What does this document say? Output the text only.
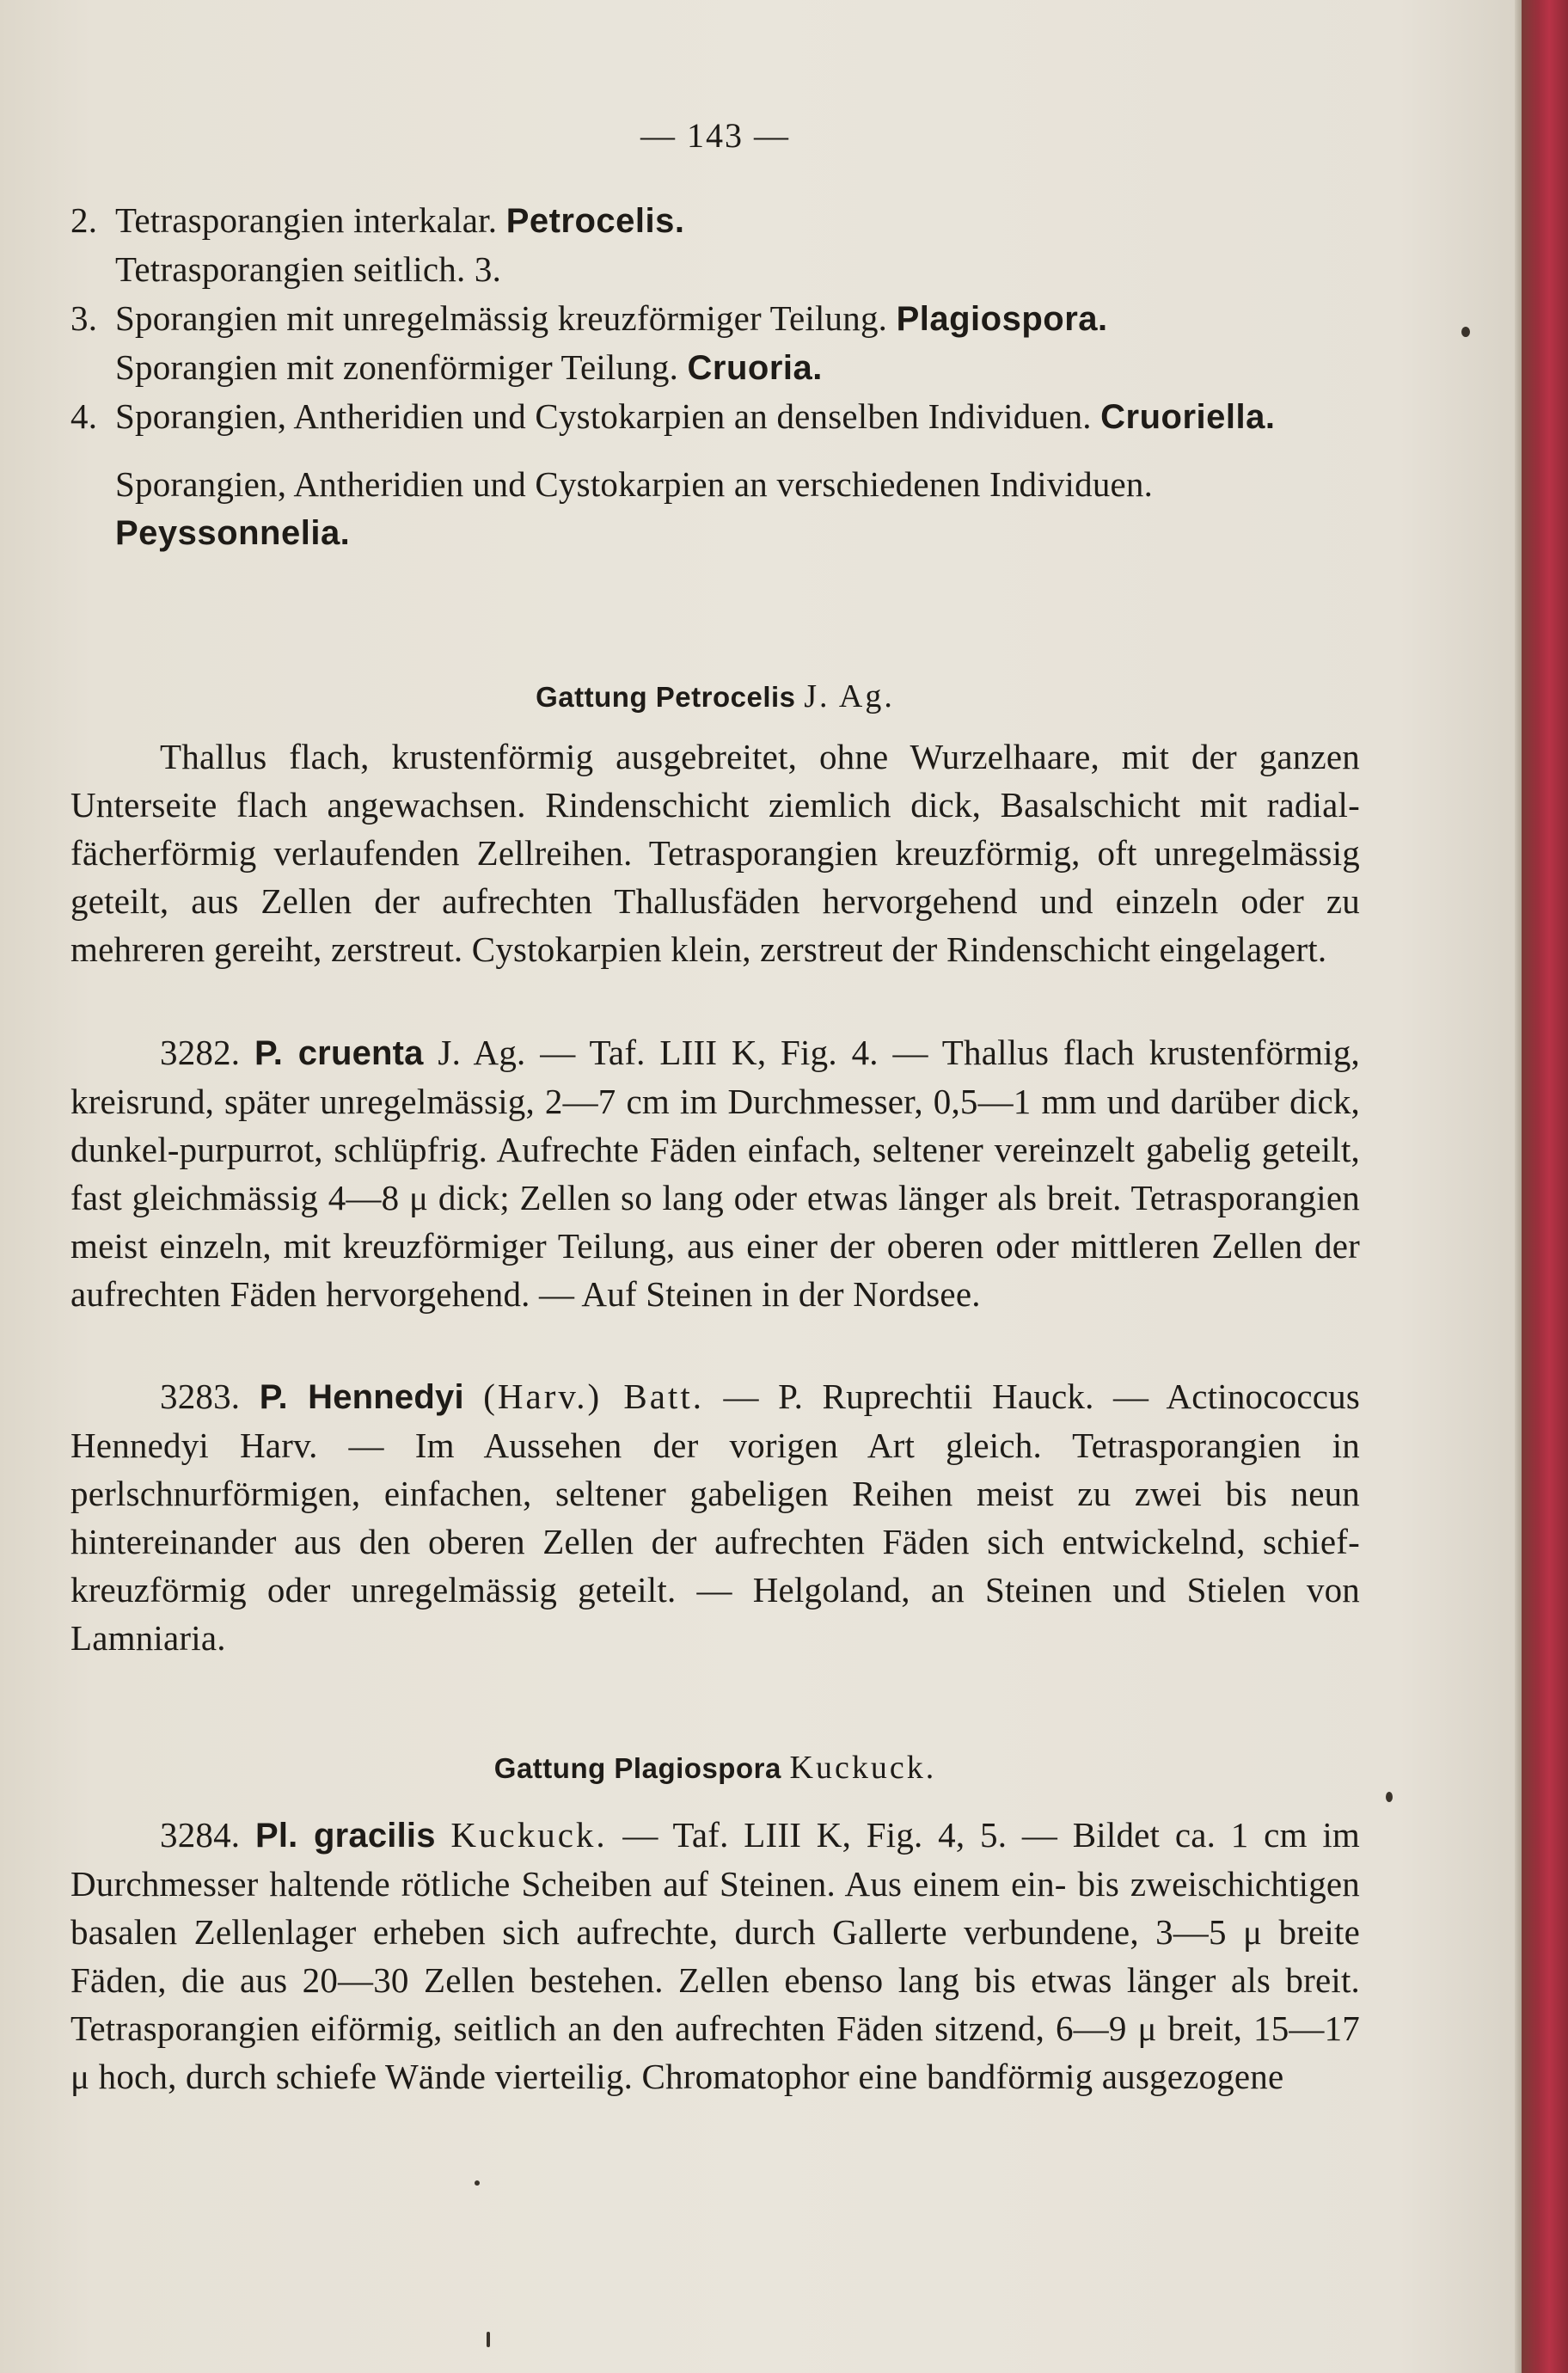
— 143 —
2. Tetrasporangien interkalar. Petrocelis.
Tetrasporangien seitlich. 3.
3. Sporangien mit unregelmässig kreuzförmiger Teilung. Plagiospora.
Sporangien mit zonenförmiger Teilung. Cruoria.
4. Sporangien, Antheridien und Cystokarpien an denselben Individuen. Cruoriella.
Sporangien, Antheridien und Cystokarpien an verschiedenen Individuen. Peyssonnelia.
Gattung Petrocelis J. Ag.
Thallus flach, krustenförmig ausgebreitet, ohne Wurzelhaare, mit der ganzen Unterseite flach angewachsen. Rindenschicht ziemlich dick, Basalschicht mit radial-fächerförmig verlaufenden Zellreihen. Tetrasporangien kreuzförmig, oft unregelmässig geteilt, aus Zellen der aufrechten Thallusfäden hervorgehend und einzeln oder zu mehreren gereiht, zerstreut. Cystokarpien klein, zerstreut der Rindenschicht eingelagert.
3282. P. cruenta J. Ag. — Taf. LIII K, Fig. 4. — Thallus flach krustenförmig, kreisrund, später unregelmässig, 2—7 cm im Durchmesser, 0,5—1 mm und darüber dick, dunkel-purpurrot, schlüpfrig. Aufrechte Fäden einfach, seltener vereinzelt gabelig geteilt, fast gleichmässig 4—8 μ dick; Zellen so lang oder etwas länger als breit. Tetrasporangien meist einzeln, mit kreuzförmiger Teilung, aus einer der oberen oder mittleren Zellen der aufrechten Fäden hervorgehend. — Auf Steinen in der Nordsee.
3283. P. Hennedyi (Harv.) Batt. — P. Ruprechtii Hauck. — Actinococcus Hennedyi Harv. — Im Aussehen der vorigen Art gleich. Tetrasporangien in perlschnurförmigen, einfachen, seltener gabeligen Reihen meist zu zwei bis neun hintereinander aus den oberen Zellen der aufrechten Fäden sich entwickelnd, schief-kreuzförmig oder unregelmässig geteilt. — Helgoland, an Steinen und Stielen von Lamniaria.
Gattung Plagiospora Kuckuck.
3284. Pl. gracilis Kuckuck. — Taf. LIII K, Fig. 4, 5. — Bildet ca. 1 cm im Durchmesser haltende rötliche Scheiben auf Steinen. Aus einem ein- bis zweischichtigen basalen Zellenlager erheben sich aufrechte, durch Gallerte verbundene, 3—5 μ breite Fäden, die aus 20—30 Zellen bestehen. Zellen ebenso lang bis etwas länger als breit. Tetrasporangien eiförmig, seitlich an den aufrechten Fäden sitzend, 6—9 μ breit, 15—17 μ hoch, durch schiefe Wände vierteilig. Chromatophor eine bandförmig ausgezogene
